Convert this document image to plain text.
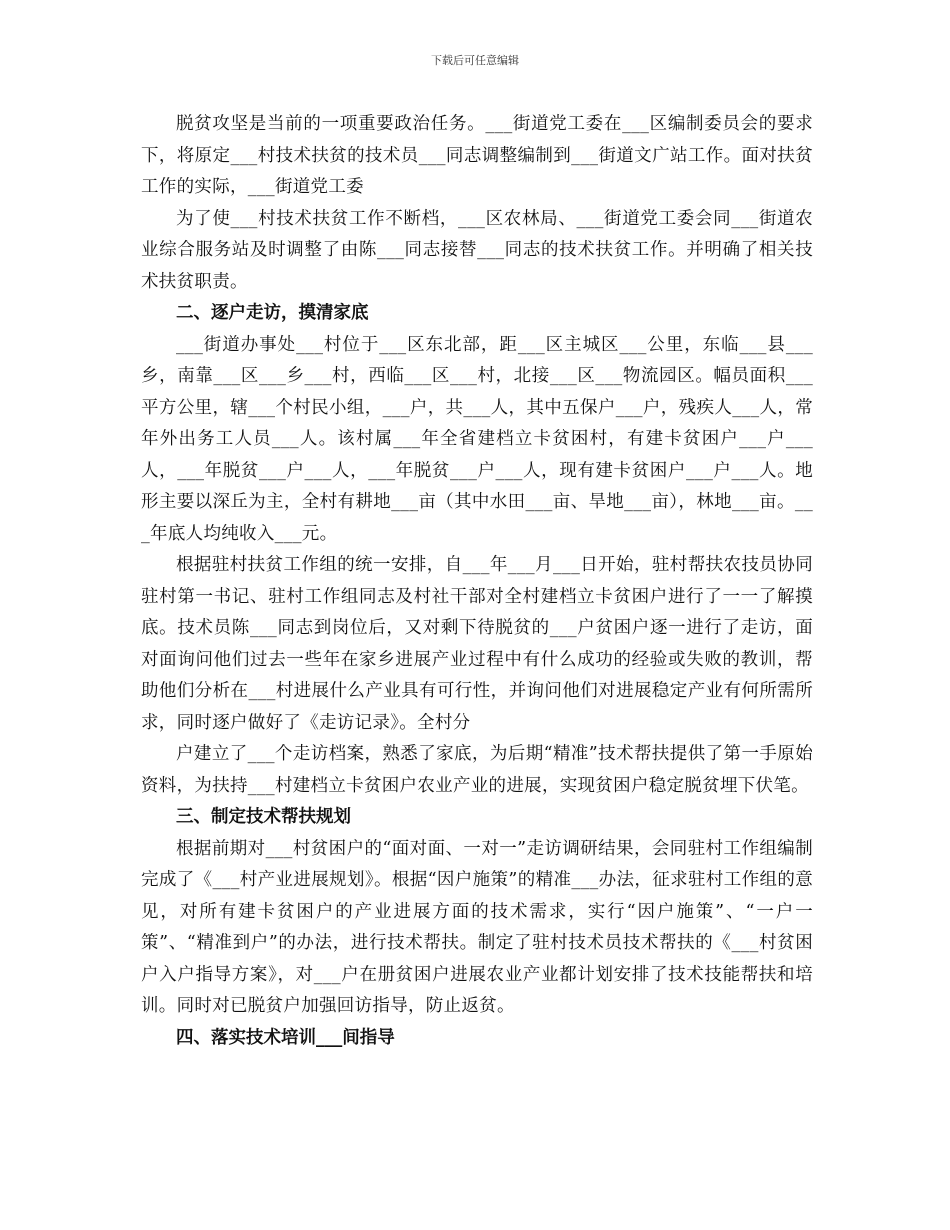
下载后可任意编辑

脱贫攻坚是当前的一项重要政治任务。___街道党工委在___区编制委员会的要求下，将原定___村技术扶贫的技术员___同志调整编制到___街道文广站工作。面对扶贫工作的实际，___街道党工委

为了使___村技术扶贫工作不断档，___区农林局、___街道党工委会同___街道农业综合服务站及时调整了由陈___同志接替___同志的技术扶贫工作。并明确了相关技术扶贫职责。

二、逐户走访，摸清家底

___街道办事处___村位于___区东北部，距___区主城区___公里，东临___县___乡，南靠___区___乡___村，西临___区___村，北接___区___物流园区。幅员面积___平方公里，辖___个村民小组，___户，共___人，其中五保户___户，残疾人___人，常年外出务工人员___人。该村属___年全省建档立卡贫困村，有建卡贫困户___户___人，___年脱贫___户___人，___年脱贫___户___人，现有建卡贫困户___户___人。地形主要以深丘为主，全村有耕地___亩（其中水田___亩、旱地___亩），林地___亩。___年底人均纯收入___元。

根据驻村扶贫工作组的统一安排，自___年___月___日开始，驻村帮扶农技员协同驻村第一书记、驻村工作组同志及村社干部对全村建档立卡贫困户进行了一一了解摸底。技术员陈___同志到岗位后，又对剩下待脱贫的___户贫困户逐一进行了走访，面对面询问他们过去一些年在家乡进展产业过程中有什么成功的经验或失败的教训，帮助他们分析在___村进展什么产业具有可行性，并询问他们对进展稳定产业有何所需所求，同时逐户做好了《走访记录》。全村分

户建立了___个走访档案，熟悉了家底，为后期“精准”技术帮扶提供了第一手原始资料，为扶持___村建档立卡贫困户农业产业的进展，实现贫困户稳定脱贫埋下伏笔。

三、制定技术帮扶规划

根据前期对___村贫困户的“面对面、一对一”走访调研结果，会同驻村工作组编制完成了《___村产业进展规划》。根据“因户施策”的精准___办法，征求驻村工作组的意见，对所有建卡贫困户的产业进展方面的技术需求，实行“因户施策”、“一户一策”、“精准到户”的办法，进行技术帮扶。制定了驻村技术员技术帮扶的《___村贫困户入户指导方案》，对___户在册贫困户进展农业产业都计划安排了技术技能帮扶和培训。同时对已脱贫户加强回访指导，防止返贫。

四、落实技术培训___间指导
